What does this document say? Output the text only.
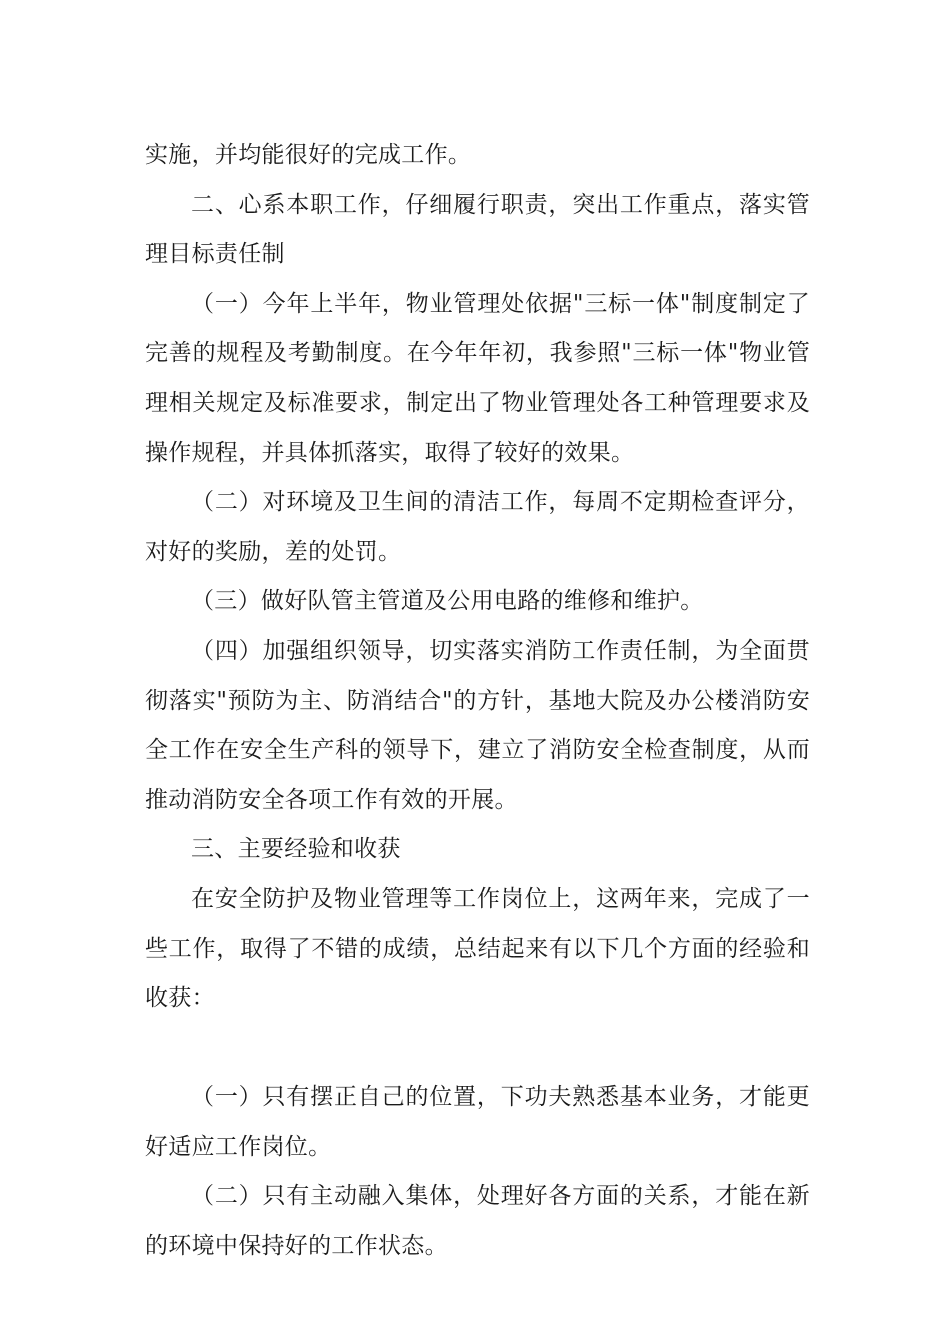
实施，并均能很好的完成工作。

二、心系本职工作，仔细履行职责，突出工作重点，落实管理目标责任制

（一）今年上半年，物业管理处依据"三标一体"制度制定了完善的规程及考勤制度。在今年年初，我参照"三标一体"物业管理相关规定及标准要求，制定出了物业管理处各工种管理要求及操作规程，并具体抓落实，取得了较好的效果。

（二）对环境及卫生间的清洁工作，每周不定期检查评分，对好的奖励，差的处罚。

（三）做好队管主管道及公用电路的维修和维护。

（四）加强组织领导，切实落实消防工作责任制，为全面贯彻落实"预防为主、防消结合"的方针，基地大院及办公楼消防安全工作在安全生产科的领导下，建立了消防安全检查制度，从而推动消防安全各项工作有效的开展。

三、主要经验和收获

在安全防护及物业管理等工作岗位上，这两年来，完成了一些工作，取得了不错的成绩，总结起来有以下几个方面的经验和收获：

（一）只有摆正自己的位置，下功夫熟悉基本业务，才能更好适应工作岗位。

（二）只有主动融入集体，处理好各方面的关系，才能在新的环境中保持好的工作状态。
